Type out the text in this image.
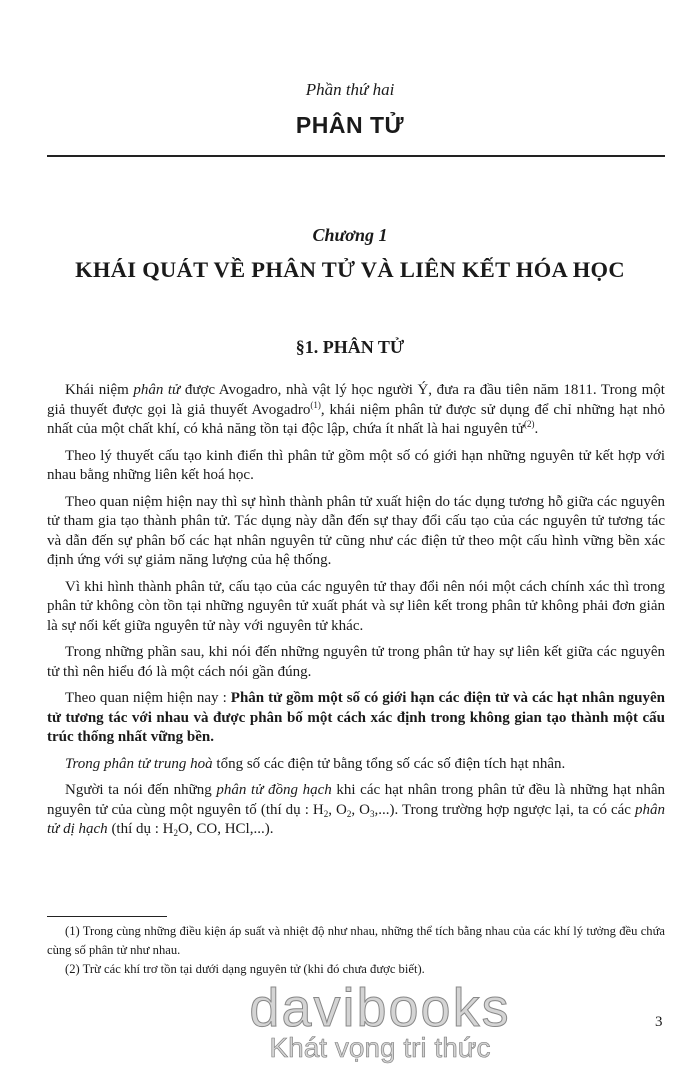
Phần thứ hai
PHÂN TỬ
Chương 1
KHÁI QUÁT VỀ PHÂN TỬ VÀ LIÊN KẾT HÓA HỌC
§1. PHÂN TỬ

Khái niệm phân tử được Avogadro, nhà vật lý học người Ý, đưa ra đầu tiên năm 1811. Trong một giả thuyết được gọi là giả thuyết Avogadro$^{(1)}$, khái niệm phân tử được sử dụng để chỉ những hạt nhỏ nhất của một chất khí, có khả năng tồn tại độc lập, chứa ít nhất là hai nguyên tử$^{(2)}$.

Theo lý thuyết cấu tạo kinh điển thì phân tử gồm một số có giới hạn những nguyên tử kết hợp với nhau bằng những liên kết hoá học.

Theo quan niệm hiện nay thì sự hình thành phân tử xuất hiện do tác dụng tương hỗ giữa các nguyên tử tham gia tạo thành phân tử. Tác dụng này dẫn đến sự thay đổi cấu tạo của các nguyên tử tương tác và dẫn đến sự phân bố các hạt nhân nguyên tử cũng như các điện tử theo một cấu hình vững bền xác định ứng với sự giảm năng lượng của hệ thống.

Vì khi hình thành phân tử, cấu tạo của các nguyên tử thay đổi nên nói một cách chính xác thì trong phân tử không còn tồn tại những nguyên tử xuất phát và sự liên kết trong phân tử không phải đơn giản là sự nối kết giữa nguyên tử này với nguyên tử khác.

Trong những phần sau, khi nói đến những nguyên tử trong phân tử hay sự liên kết giữa các nguyên tử thì nên hiểu đó là một cách nói gần đúng.

Theo quan niệm hiện nay : Phân tử gồm một số có giới hạn các điện tử và các hạt nhân nguyên tử tương tác với nhau và được phân bố một cách xác định trong không gian tạo thành một cấu trúc thống nhất vững bền.

Trong phân tử trung hoà tổng số các điện tử bằng tổng số các số điện tích hạt nhân.

Người ta nói đến những phân tử đồng hạch khi các hạt nhân trong phân tử đều là những hạt nhân nguyên tử của cùng một nguyên tố (thí dụ : $H_2$, $O_2$, $O_3$,...). Trong trường hợp ngược lại, ta có các phân tử dị hạch (thí dụ : $H_2O$, CO, HCl,...).

(1) Trong cùng những điều kiện áp suất và nhiệt độ như nhau, những thể tích bằng nhau của các khí lý tưởng đều chứa cùng số phân tử như nhau.

(2) Trừ các khí trơ tồn tại dưới dạng nguyên tử (khi đó chưa được biết).

davibooks
Khát vọng tri thức
3
